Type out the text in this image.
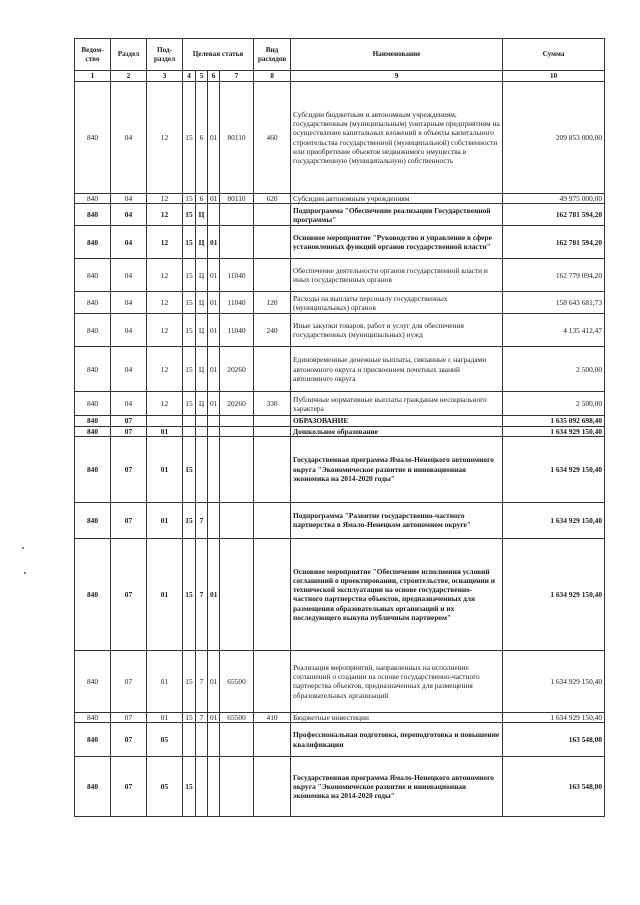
Ведом-ство	Раздел	Под-раздел	Целевая статья				Вид расходов	Наименование	Сумма
1	2	3	4	5	6	7	8	9	10
840	04	12	15	6	01	80110	460	Субсидии бюджетным и автономным учреждениям, государственным (муниципальным) унитарным предприятиям на осуществление капитальных вложений в объекты капитального строительства государственной (муниципальной) собственности или приобретение объектов недвижимого имущества в государственную (муниципальную) собственность	209 853 000,00
840	04	12	15	6	01	80110	620	Субсидии автономным учреждениям	49 975 000,00
840	04	12	15	Ц				Подпрограмма "Обеспечение реализации Государственной программы"	162 781 594,20
840	04	12	15	Ц	01			Основное мероприятие "Руководство и управление в сфере установленных функций органов государственной власти"	162 781 594,20
840	04	12	15	Ц	01	11040		Обеспечение деятельности органов государственной власти и иных государственных органов	162 779 094,20
840	04	12	15	Ц	01	11040	120	Расходы на выплаты персоналу государственных (муниципальных) органов	158 643 681,73
840	04	12	15	Ц	01	11040	240	Иные закупки товаров, работ и услуг для обеспечения государственных (муниципальных) нужд	4 135 412,47
840	04	12	15	Ц	01	20260		Единовременные денежные выплаты, связанные с наградами автономного округа и присвоением почетных званий автономного округа	2 500,00
840	04	12	15	Ц	01	20260	330	Публичные нормативные выплаты гражданам несоциального характера	2 500,00
840	07							ОБРАЗОВАНИЕ	1 635 092 698,40
840	07	01						Дошкольное образование	1 634 929 150,40
840	07	01	15					Государственная программа Ямало-Ненецкого автономного округа "Экономическое развитие и инновационная экономика на 2014-2020 годы"	1 634 929 150,40
840	07	01	15	7				Подпрограмма "Развитие государственно-частного партнерства в Ямало-Ненецком автономном округе"	1 634 929 150,40
840	07	01	15	7	01			Основное мероприятие "Обеспечение исполнения условий соглашений о проектировании, строительстве, оснащении и технической эксплуатации на основе государственно-частного партнерства объектов, предназначенных для размещения образовательных организаций и их последующего выкупа публичным партнером"	1 634 929 150,40
840	07	01	15	7	01	65500		Реализация мероприятий, направленных на исполнение соглашений о создании на основе государственно-частного партнерства объектов, предназначенных для размещения образовательных организаций	1 634 929 150,40
840	07	01	15	7	01	65500	410	Бюджетные инвестиции	1 634 929 150,40
840	07	05						Профессиональная подготовка, переподготовка и повышение квалификации	163 548,00
840	07	05	15					Государственная программа Ямало-Ненецкого автономного округа "Экономическое развитие и инновационная экономика на 2014-2020 годы"	163 548,00
